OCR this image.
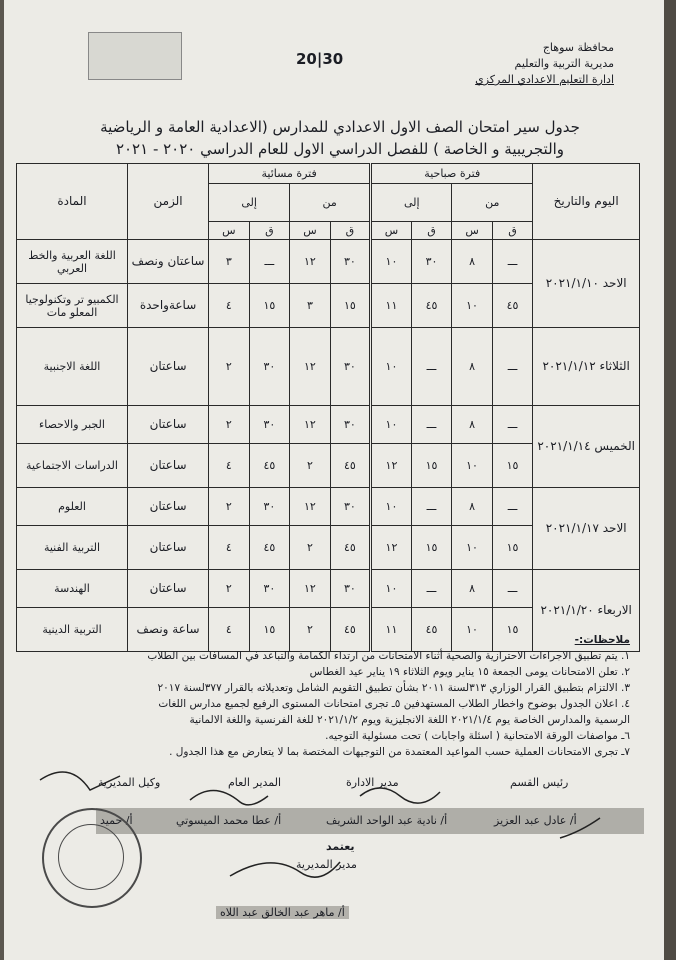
20|30
محافظة سوهاج
مديرية التربية والتعليم
ادارة التعليم الاعدادي المركزي
جدول سير امتحان الصف الاول الاعدادي للمدارس (الاعدادية العامة و الرياضية
والتجريبية و الخاصة ) للفصل الدراسي الاول للعام الدراسي ٢٠٢٠ - ٢٠٢١
اليوم والتاريخ	فترة صباحية				فترة مسائية				الزمن	المادة
	من		إلى		من		إلى			
	ق	س	ق	س	ق	س	ق	س		
الاحد ٢٠٢١/١/١٠	ـــ	٨	٣٠	١٠	٣٠	١٢	ـــ	٣	ساعتان ونصف	اللغة العربية والخط العربي
	٤٥	١٠	٤٥	١١	١٥	٣	١٥	٤	ساعةواحدة	الكمبيو تر وتكنولوجيا المعلو مات
الثلاثاء ٢٠٢١/١/١٢	ـــ	٨	ـــ	١٠	٣٠	١٢	٣٠	٢	ساعتان	اللغة الاجنبية
الخميس ٢٠٢١/١/١٤	ـــ	٨	ـــ	١٠	٣٠	١٢	٣٠	٢	ساعتان	الجبر والاحصاء
	١٥	١٠	١٥	١٢	٤٥	٢	٤٥	٤	ساعتان	الدراسات الاجتماعية
الاحد ٢٠٢١/١/١٧	ـــ	٨	ـــ	١٠	٣٠	١٢	٣٠	٢	ساعتان	العلوم
	١٥	١٠	١٥	١٢	٤٥	٢	٤٥	٤	ساعتان	التربية الفنية
الاربعاء ٢٠٢١/١/٢٠	ـــ	٨	ـــ	١٠	٣٠	١٢	٣٠	٢	ساعتان	الهندسة
	١٥	١٠	٤٥	١١	٤٥	٢	١٥	٤	ساعة ونصف	التربية الدينية
ملاحظات:-
١. يتم تطبيق الاجراءات الاحترازية والصحية أثناء الامتحانات من ارتداء الكمامة والتباعد في المسافات بين الطلاب
٢. تعلن الامتحانات يومى الجمعة ١٥ يناير ويوم الثلاثاء ١٩ يناير عيد الغطاس
٣. الالتزام بتطبيق القرار الوزاري ٣١٣لسنة ٢٠١١ بشأن تطبيق التقويم الشامل وتعديلاته بالقرار ٣٧٧لسنة ٢٠١٧
٤. اعلان الجدول بوضوح واخطار الطلاب المستهدفين ٥ـ تجرى امتحانات المستوى الرفيع لجميع مدارس اللغات
الرسمية والمدارس الخاصة يوم ٢٠٢١/١/٤ اللغة الانجليزية ويوم ٢٠٢١/١/٢ للغة الفرنسية واللغة الالمانية
٦ـ مواصفات الورقة الامتحانية ( اسئلة واجابات ) تحت مسئولية التوجيه.
٧ـ تجرى الامتحانات العملية حسب المواعيد المعتمدة من التوجيهات المختصة بما لا يتعارض مع هذا الجدول .
رئيس القسم
مدير الادارة
المدير العام
وكيل المديرية
أ/ عادل عبد العزيز
أ/ نادية عبد الواحد الشريف
أ/ عطا محمد الميسوتي
أ/ حميد
يعتمد
مدير المديرية
أ/ ماهر عبد الخالق عبد اللاه
